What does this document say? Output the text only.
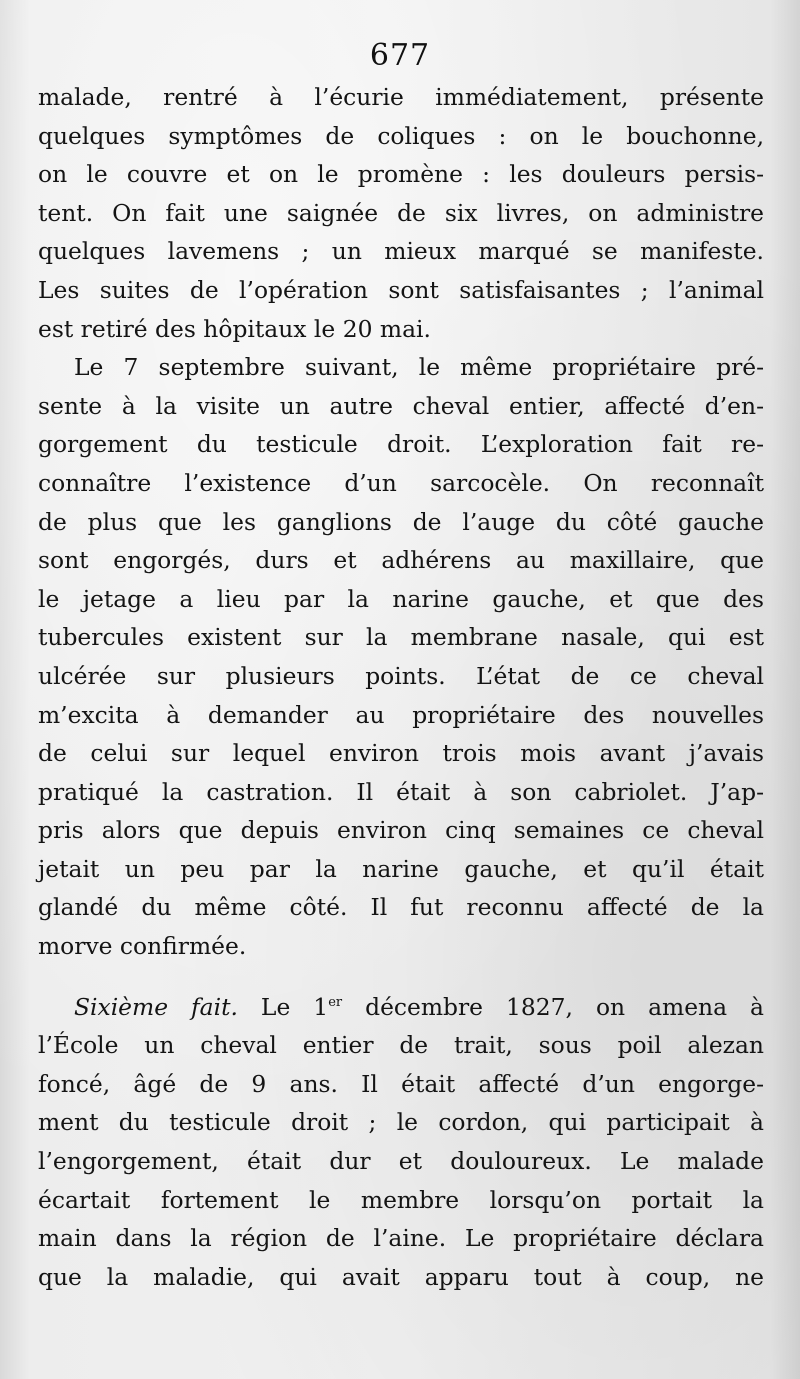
677
malade, rentré à l’écurie immédiatement, présente
quelques symptômes de coliques : on le bouchonne,
on le couvre et on le promène : les douleurs persis-
tent. On fait une saignée de six livres, on administre
quelques lavemens ; un mieux marqué se manifeste.
Les suites de l’opération sont satisfaisantes ; l’animal
est retiré des hôpitaux le 20 mai.
Le 7 septembre suivant, le même propriétaire pré-
sente à la visite un autre cheval entier, affecté d’en-
gorgement du testicule droit. L’exploration fait re-
connaître l’existence d’un sarcocèle. On reconnaît
de plus que les ganglions de l’auge du côté gauche
sont engorgés, durs et adhérens au maxillaire, que
le jetage a lieu par la narine gauche, et que des
tubercules existent sur la membrane nasale, qui est
ulcérée sur plusieurs points. L’état de ce cheval
m’excita à demander au propriétaire des nouvelles
de celui sur lequel environ trois mois avant j’avais
pratiqué la castration. Il était à son cabriolet. J’ap-
pris alors que depuis environ cinq semaines ce cheval
jetait un peu par la narine gauche, et qu’il était
glandé du même côté. Il fut reconnu affecté de la
morve confirmée.
Sixième fait. Le 1er décembre 1827, on amena à
l’École un cheval entier de trait, sous poil alezan
foncé, âgé de 9 ans. Il était affecté d’un engorge-
ment du testicule droit ; le cordon, qui participait à
l’engorgement, était dur et douloureux. Le malade
écartait fortement le membre lorsqu’on portait la
main dans la région de l’aine. Le propriétaire déclara
que la maladie, qui avait apparu tout à coup, ne
